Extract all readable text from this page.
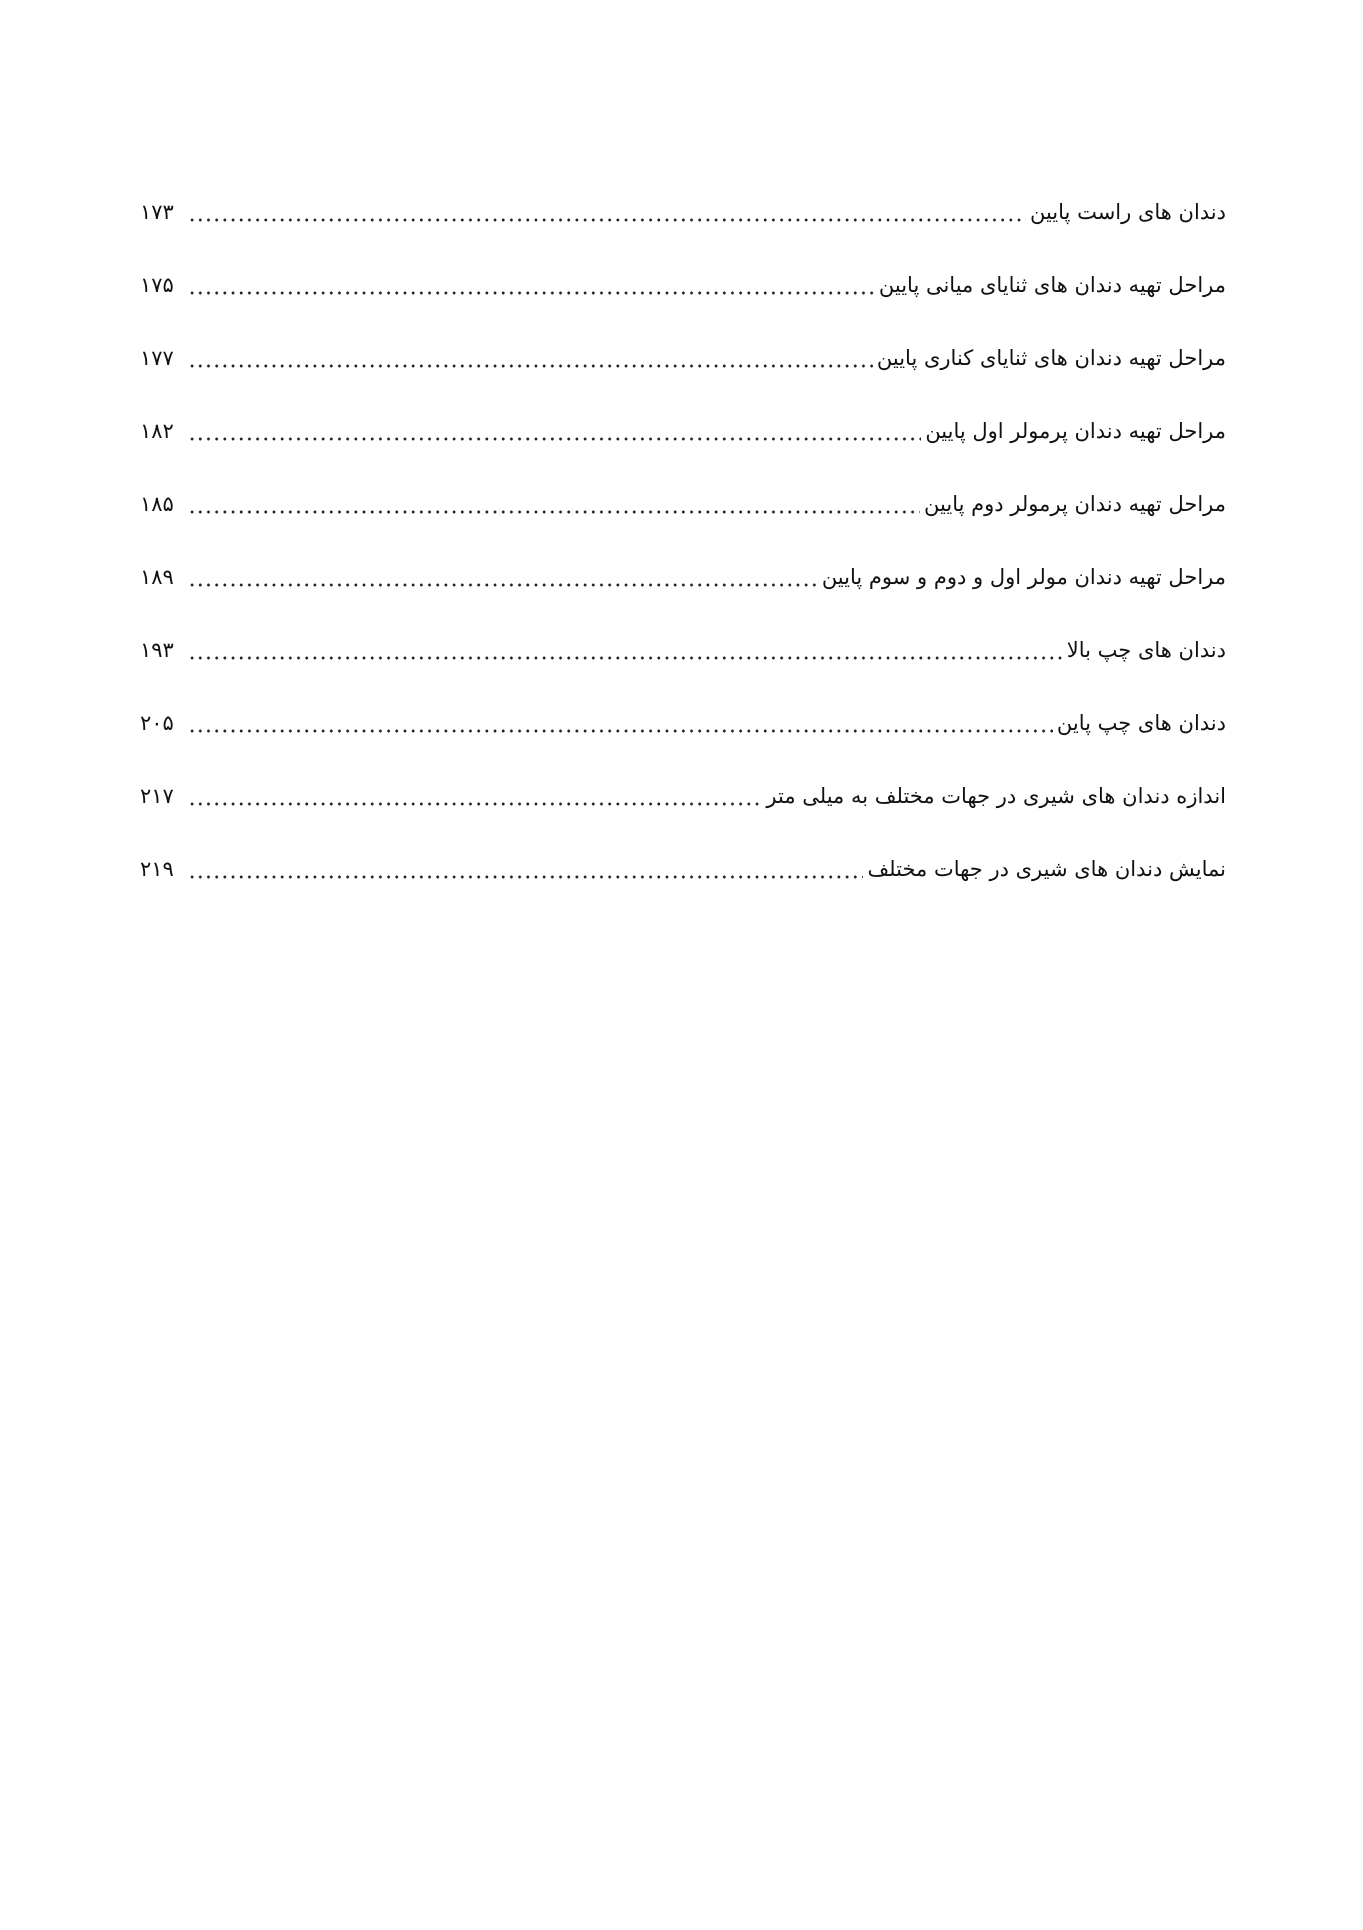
دندان های راست پایین
۱۷۳
مراحل تهیه دندان های ثنایای میانی پایین
۱۷۵
مراحل تهیه دندان های ثنایای کناری پایین
۱۷۷
مراحل تهیه دندان پرمولر اول پایین
۱۸۲
مراحل تهیه دندان پرمولر دوم پایین
۱۸۵
مراحل تهیه دندان مولر اول و دوم و سوم پایین
۱۸۹
دندان های چپ بالا
۱۹۳
دندان های چپ پاین
۲۰۵
اندازه دندان های شیری در جهات مختلف به میلی متر
۲۱۷
نمایش دندان های شیری در جهات مختلف
۲۱۹
